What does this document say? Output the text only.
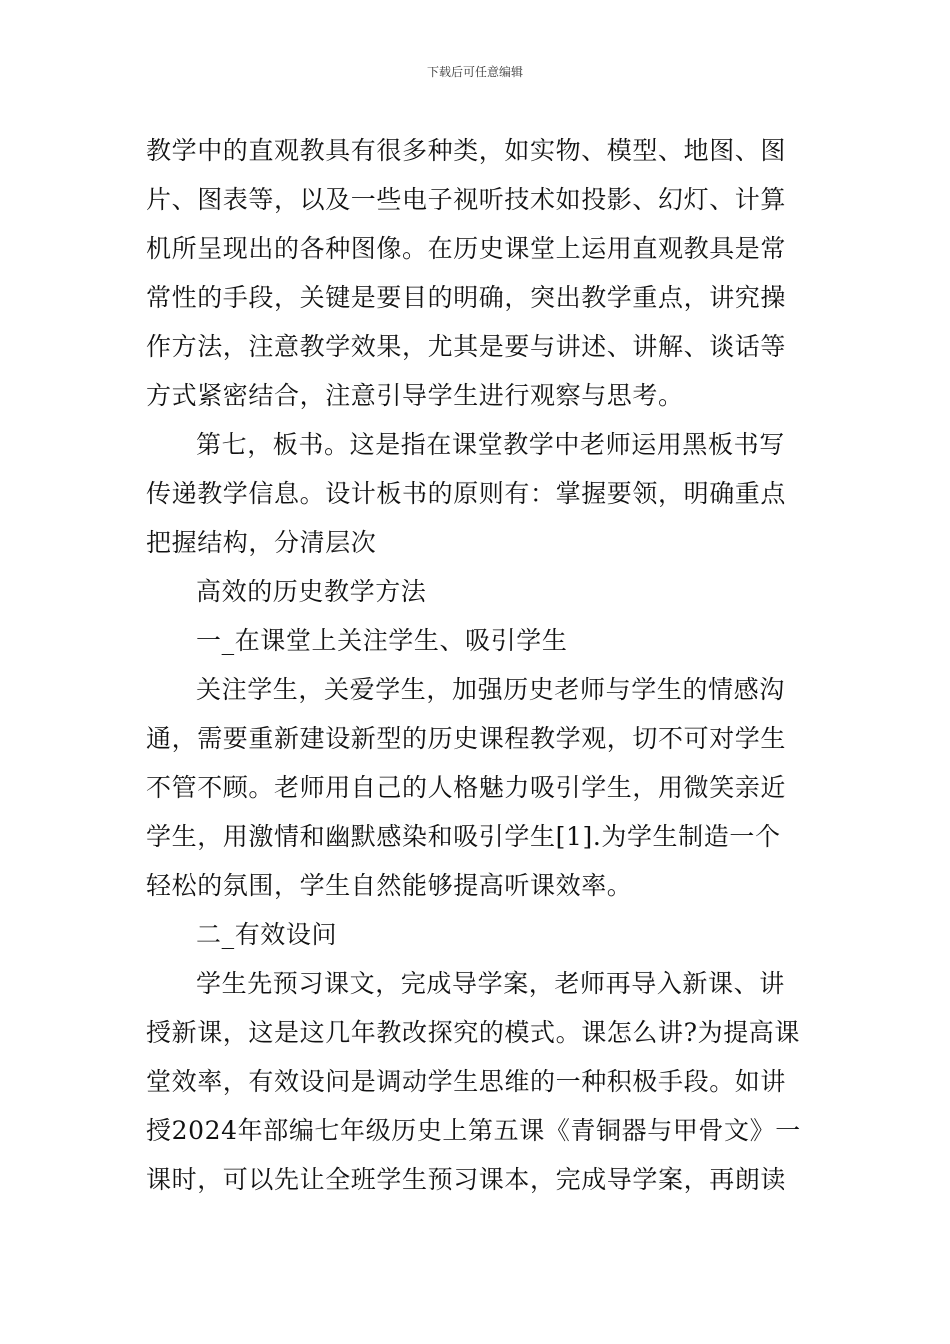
下载后可任意编辑
教学中的直观教具有很多种类，如实物、模型、地图、图
片、图表等，以及一些电子视听技术如投影、幻灯、计算
机所呈现出的各种图像。在历史课堂上运用直观教具是常
常性的手段，关键是要目的明确，突出教学重点，讲究操
作方法，注意教学效果，尤其是要与讲述、讲解、谈话等
方式紧密结合，注意引导学生进行观察与思考。
第七，板书。这是指在课堂教学中老师运用黑板书写
传递教学信息。设计板书的原则有：掌握要领，明确重点
把握结构，分清层次
高效的历史教学方法
一_在课堂上关注学生、吸引学生
关注学生，关爱学生，加强历史老师与学生的情感沟
通，需要重新建设新型的历史课程教学观，切不可对学生
不管不顾。老师用自己的人格魅力吸引学生，用微笑亲近
学生，用激情和幽默感染和吸引学生[1].为学生制造一个
轻松的氛围，学生自然能够提高听课效率。
二_有效设问
学生先预习课文，完成导学案，老师再导入新课、讲
授新课，这是这几年教改探究的模式。课怎么讲?为提高课
堂效率，有效设问是调动学生思维的一种积极手段。如讲
授2024年部编七年级历史上第五课《青铜器与甲骨文》一
课时，可以先让全班学生预习课本，完成导学案，再朗读
